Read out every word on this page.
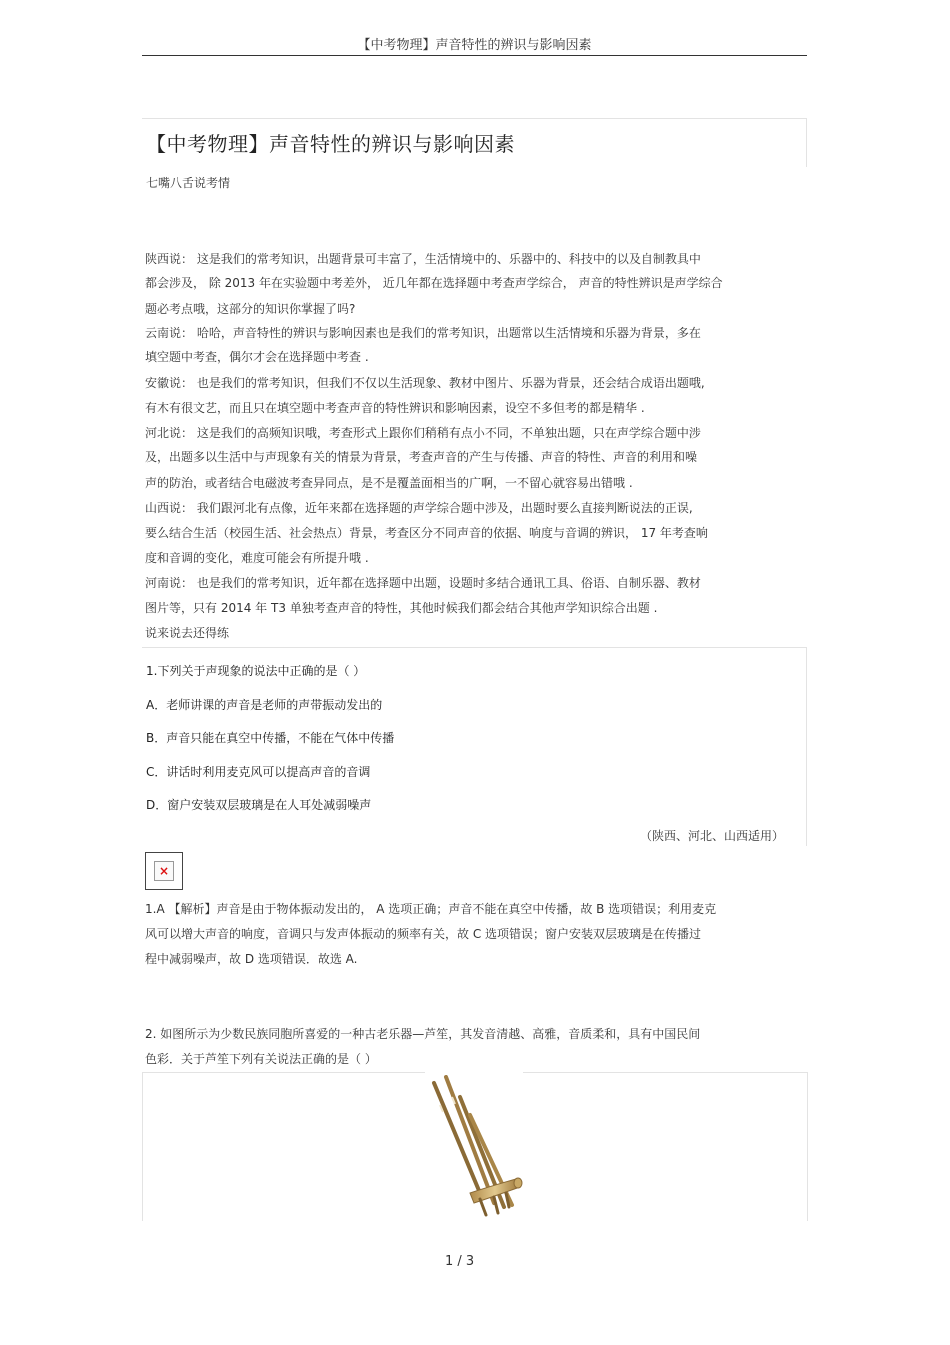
【中考物理】声音特性的辨识与影响因素
【中考物理】声音特性的辨识与影响因素
七嘴八舌说考情
陕西说： 这是我们的常考知识，出题背景可丰富了，生活情境中的、乐器中的、科技中的以及自制教具中
都会涉及， 除 2013 年在实验题中考差外， 近几年都在选择题中考查声学综合， 声音的特性辨识是声学综合
题必考点哦，这部分的知识你掌握了吗?
云南说： 哈哈，声音特性的辨识与影响因素也是我们的常考知识，出题常以生活情境和乐器为背景，多在
填空题中考查，偶尔才会在选择题中考查 .
安徽说： 也是我们的常考知识，但我们不仅以生活现象、教材中图片、乐器为背景，还会结合成语出题哦,
有木有很文艺，而且只在填空题中考查声音的特性辨识和影响因素，设空不多但考的都是精华 .
河北说： 这是我们的高频知识哦，考查形式上跟你们稍稍有点小不同，不单独出题，只在声学综合题中涉
及，出题多以生活中与声现象有关的情景为背景，考查声音的产生与传播、声音的特性、声音的利用和噪
声的防治，或者结合电磁波考查异同点，是不是覆盖面相当的广啊，一不留心就容易出错哦 .
山西说： 我们跟河北有点像，近年来都在选择题的声学综合题中涉及，出题时要么直接判断说法的正误,
要么结合生活（校园生活、社会热点）背景，考查区分不同声音的依据、响度与音调的辨识， 17 年考查响
度和音调的变化，难度可能会有所提升哦 .
河南说： 也是我们的常考知识，近年都在选择题中出题，设题时多结合通讯工具、俗语、自制乐器、教材
图片等，只有 2014 年 T3 单独考查声音的特性，其他时候我们都会结合其他声学知识综合出题 .
说来说去还得练
1.下列关于声现象的说法中正确的是（ ）
A．老师讲课的声音是老师的声带振动发出的
B．声音只能在真空中传播，不能在气体中传播
C．讲话时利用麦克风可以提高声音的音调
D．窗户安装双层玻璃是在人耳处减弱噪声
（陕西、河北、山西适用）
×
1.A 【解析】声音是由于物体振动发出的， A 选项正确；声音不能在真空中传播，故 B 选项错误；利用麦克
风可以增大声音的响度，音调只与发声体振动的频率有关，故 C 选项错误；窗户安装双层玻璃是在传播过
程中减弱噪声，故 D 选项错误．故选 A.
2. 如图所示为少数民族同胞所喜爱的一种古老乐器—芦笙，其发音清越、高雅，音质柔和，具有中国民间
色彩．关于芦笙下列有关说法正确的是（ ）
1 / 3
